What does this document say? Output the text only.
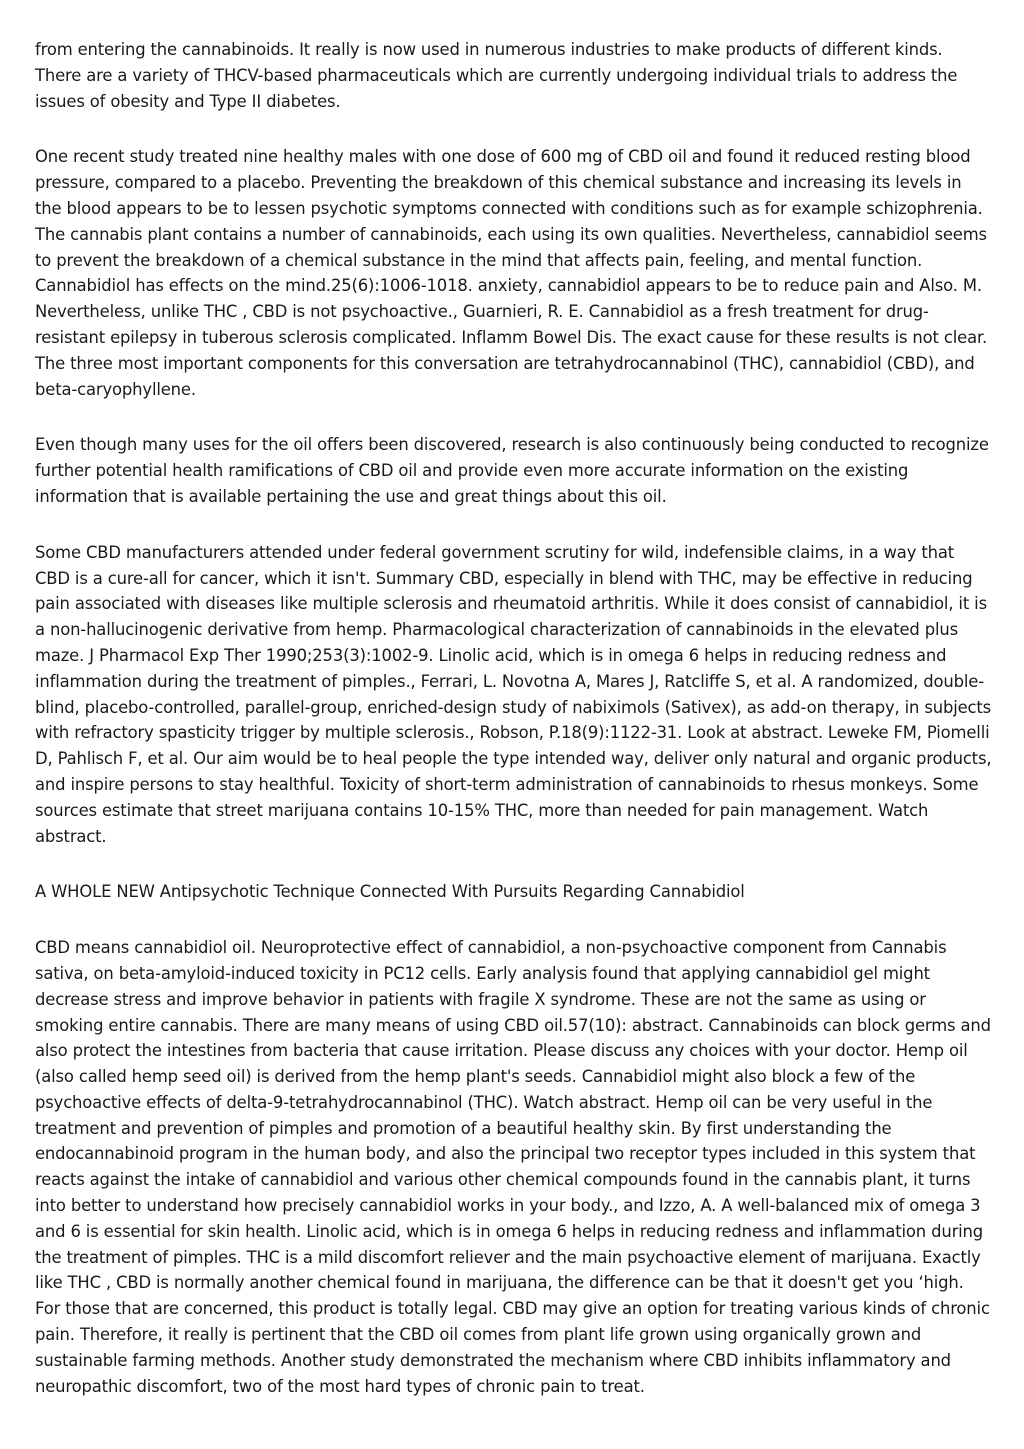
from entering the cannabinoids. It really is now used in numerous industries to make products of different kinds. There are a variety of THCV-based pharmaceuticals which are currently undergoing individual trials to address the issues of obesity and Type II diabetes.

One recent study treated nine healthy males with one dose of 600 mg of CBD oil and found it reduced resting blood pressure, compared to a placebo. Preventing the breakdown of this chemical substance and increasing its levels in the blood appears to be to lessen psychotic symptoms connected with conditions such as for example schizophrenia. The cannabis plant contains a number of cannabinoids, each using its own qualities. Nevertheless, cannabidiol seems to prevent the breakdown of a chemical substance in the mind that affects pain, feeling, and mental function. Cannabidiol has effects on the mind.25(6):1006-1018. anxiety, cannabidiol appears to be to reduce pain and Also. M. Nevertheless, unlike THC , CBD is not psychoactive., Guarnieri, R. E. Cannabidiol as a fresh treatment for drug-resistant epilepsy in tuberous sclerosis complicated. Inflamm Bowel Dis. The exact cause for these results is not clear. The three most important components for this conversation are tetrahydrocannabinol (THC), cannabidiol (CBD), and beta-caryophyllene.

Even though many uses for the oil offers been discovered, research is also continuously being conducted to recognize further potential health ramifications of CBD oil and provide even more accurate information on the existing information that is available pertaining the use and great things about this oil.

Some CBD manufacturers attended under federal government scrutiny for wild, indefensible claims, in a way that CBD is a cure-all for cancer, which it isn't. Summary CBD, especially in blend with THC, may be effective in reducing pain associated with diseases like multiple sclerosis and rheumatoid arthritis. While it does consist of cannabidiol, it is a non-hallucinogenic derivative from hemp. Pharmacological characterization of cannabinoids in the elevated plus maze. J Pharmacol Exp Ther 1990;253(3):1002-9. Linolic acid, which is in omega 6 helps in reducing redness and inflammation during the treatment of pimples., Ferrari, L. Novotna A, Mares J, Ratcliffe S, et al. A randomized, double-blind, placebo-controlled, parallel-group, enriched-design study of nabiximols (Sativex), as add-on therapy, in subjects with refractory spasticity trigger by multiple sclerosis., Robson, P.18(9):1122-31. Look at abstract. Leweke FM, Piomelli D, Pahlisch F, et al. Our aim would be to heal people the type intended way, deliver only natural and organic products, and inspire persons to stay healthful. Toxicity of short-term administration of cannabinoids to rhesus monkeys. Some sources estimate that street marijuana contains 10-15% THC, more than needed for pain management. Watch abstract.

A WHOLE NEW Antipsychotic Technique Connected With Pursuits Regarding Cannabidiol

CBD means cannabidiol oil. Neuroprotective effect of cannabidiol, a non-psychoactive component from Cannabis sativa, on beta-amyloid-induced toxicity in PC12 cells. Early analysis found that applying cannabidiol gel might decrease stress and improve behavior in patients with fragile X syndrome. These are not the same as using or smoking entire cannabis. There are many means of using CBD oil.57(10): abstract. Cannabinoids can block germs and also protect the intestines from bacteria that cause irritation. Please discuss any choices with your doctor. Hemp oil (also called hemp seed oil) is derived from the hemp plant's seeds. Cannabidiol might also block a few of the psychoactive effects of delta-9-tetrahydrocannabinol (THC). Watch abstract. Hemp oil can be very useful in the treatment and prevention of pimples and promotion of a beautiful healthy skin. By first understanding the endocannabinoid program in the human body, and also the principal two receptor types included in this system that reacts against the intake of cannabidiol and various other chemical compounds found in the cannabis plant, it turns into better to understand how precisely cannabidiol works in your body., and Izzo, A. A well-balanced mix of omega 3 and 6 is essential for skin health. Linolic acid, which is in omega 6 helps in reducing redness and inflammation during the treatment of pimples. THC is a mild discomfort reliever and the main psychoactive element of marijuana. Exactly like THC , CBD is normally another chemical found in marijuana, the difference can be that it doesn't get you ‘high. For those that are concerned, this product is totally legal. CBD may give an option for treating various kinds of chronic pain. Therefore, it really is pertinent that the CBD oil comes from plant life grown using organically grown and sustainable farming methods. Another study demonstrated the mechanism where CBD inhibits inflammatory and neuropathic discomfort, two of the most hard types of chronic pain to treat.
